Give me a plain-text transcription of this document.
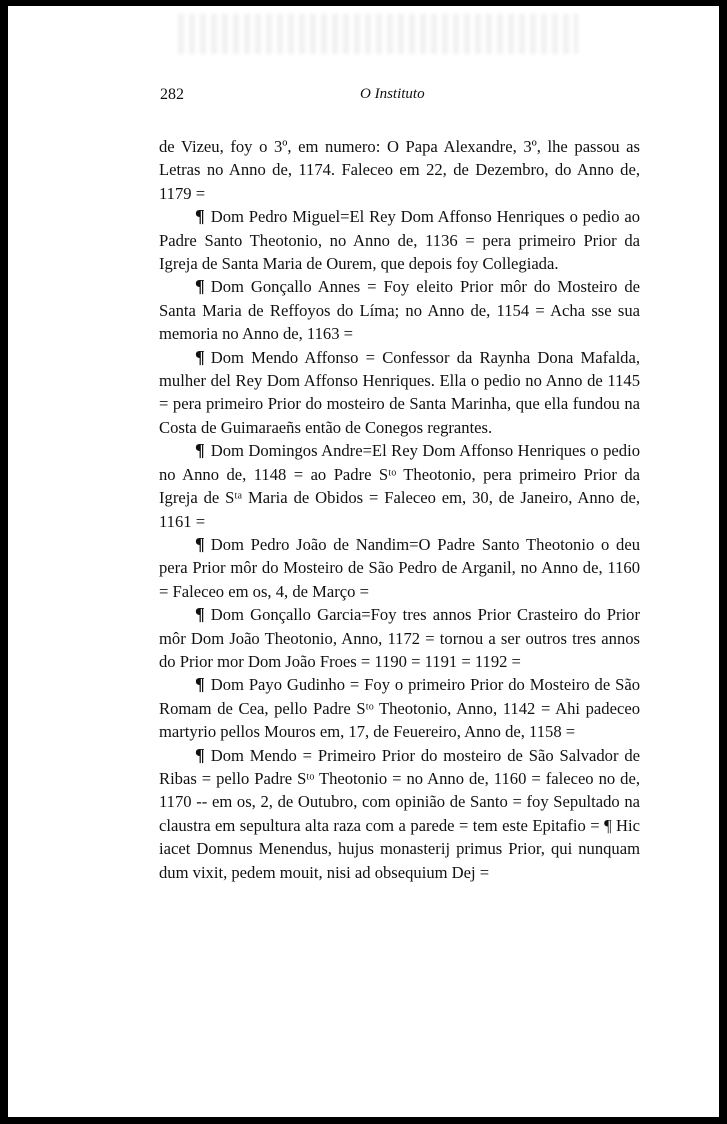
282	O Instituto

de Vizeu, foy o 3º, em numero: O Papa Alexandre, 3º, lhe passou as Letras no Anno de, 1174. Faleceo em 22, de Dezembro, do Anno de, 1179 =

¶ Dom Pedro Miguel=El Rey Dom Affonso Henriques o pedio ao Padre Santo Theotonio, no Anno de, 1136 = pera primeiro Prior da Igreja de Santa Maria de Ourem, que depois foy Collegiada.

¶ Dom Gonçallo Annes = Foy eleito Prior môr do Mosteiro de Santa Maria de Reffoyos do Líma; no Anno de, 1154 = Acha sse sua memoria no Anno de, 1163 =

¶ Dom Mendo Affonso = Confessor da Raynha Dona Mafalda, mulher del Rey Dom Affonso Henriques. Ella o pedio no Anno de 1145 = pera primeiro Prior do mosteiro de Santa Marinha, que ella fundou na Costa de Guimaraeñs então de Conegos regrantes.

¶ Dom Domingos Andre=El Rey Dom Affonso Henriques o pedio no Anno de, 1148 = ao Padre Sᵗᵒ Theotonio, pera primeiro Prior da Igreja de Sᵗᵃ Maria de Obidos = Faleceo em, 30, de Janeiro, Anno de, 1161 =

¶ Dom Pedro João de Nandim=O Padre Santo Theotonio o deu pera Prior môr do Mosteiro de São Pedro de Arganil, no Anno de, 1160 = Faleceo em os, 4, de Março =

¶ Dom Gonçallo Garcia=Foy tres annos Prior Crasteiro do Prior môr Dom João Theotonio, Anno, 1172 = tornou a ser outros tres annos do Prior mor Dom João Froes = 1190 = 1191 = 1192 =

¶ Dom Payo Gudinho = Foy o primeiro Prior do Mosteiro de São Romam de Cea, pello Padre Sᵗᵒ Theotonio, Anno, 1142 = Ahi padeceo martyrio pellos Mouros em, 17, de Feuereiro, Anno de, 1158 =

¶ Dom Mendo = Primeiro Prior do mosteiro de São Salvador de Ribas = pello Padre Sᵗᵒ Theotonio = no Anno de, 1160 = faleceo no de, 1170 -- em os, 2, de Outubro, com opinião de Santo = foy Sepultado na claustra em sepultura alta raza com a parede = tem este Epitafio = ¶ Hic iacet Domnus Menendus, hujus monasterij primus Prior, qui nunquam dum vixit, pedem mouit, nisi ad obsequium Dej =
